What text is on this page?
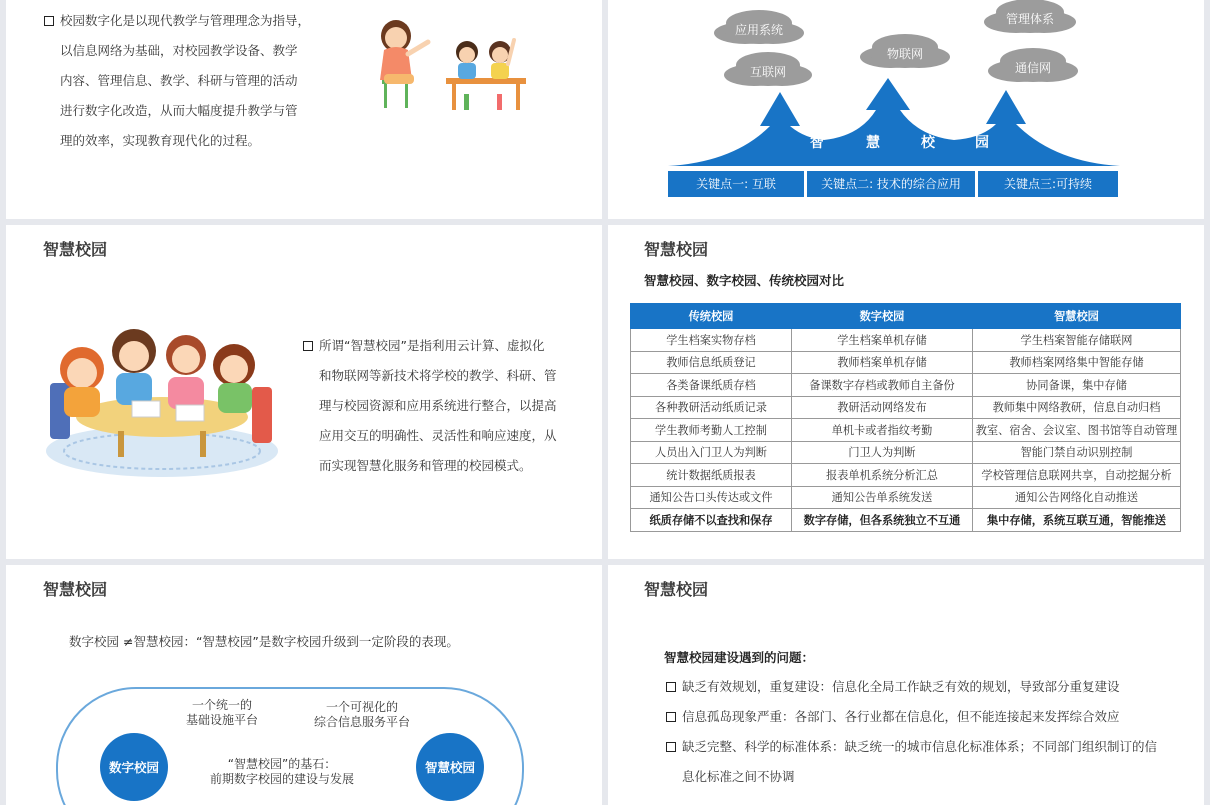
校园数字化是以现代教学与管理理念为指导，
以信息网络为基础，对校园教学设备、教学
内容、管理信息、教学、科研与管理的活动
进行数字化改造，从而大幅度提升教学与管
理的效率，实现教育现代化的过程。	智	慧	校	园
应用系统
管理体系
物联网
互联网	通信网
关键点一: 互联	关键点二: 技术的综合应用	关键点三:可持续
智慧校园
所谓“智慧校园”是指利用云计算、虚拟化
和物联网等新技术将学校的教学、科研、管
理与校园资源和应用系统进行整合，以提高
应用交互的明确性、灵活性和响应速度，从
而实现智慧化服务和管理的校园模式。
智慧校园
智慧校园、数字校园、传统校园对比
传统校园	数字校园	智慧校园
学生档案实物存档	学生档案单机存储	学生档案智能存储联网
教师信息纸质登记	教师档案单机存储	教师档案网络集中智能存储
各类备课纸质存档	备课数字存档或教师自主备份	协同备课，集中存储
各种教研活动纸质记录	教研活动网络发布	教师集中网络教研，信息自动归档
学生教师考勤人工控制	单机卡或者指纹考勤	教室、宿舍、会议室、图书馆等自动管理
人员出入门卫人为判断	门卫人为判断	智能门禁自动识别控制
统计数据纸质报表	报表单机系统分析汇总	学校管理信息联网共享，自动挖掘分析
通知公告口头传达或文件	通知公告单系统发送	通知公告网络化自动推送
纸质存储不以查找和保存	数字存储，但各系统独立不互通	集中存储，系统互联互通，智能推送
智慧校园
数字校园 ≠智慧校园：“智慧校园”是数字校园升级到一定阶段的表现。
一个统一的
基础设施平台
一个可视化的
综合信息服务平台
“智慧校园”的基石：
前期数字校园的建设与发展
数字校园	智慧校园
智慧校园
智慧校园建设遇到的问题：
缺乏有效规划，重复建设：信息化全局工作缺乏有效的规划，导致部分重复建设
信息孤岛现象严重：各部门、各行业都在信息化，但不能连接起来发挥综合效应
缺乏完整、科学的标准体系：缺乏统一的城市信息化标准体系；不同部门组织制订的信
息化标准之间不协调
